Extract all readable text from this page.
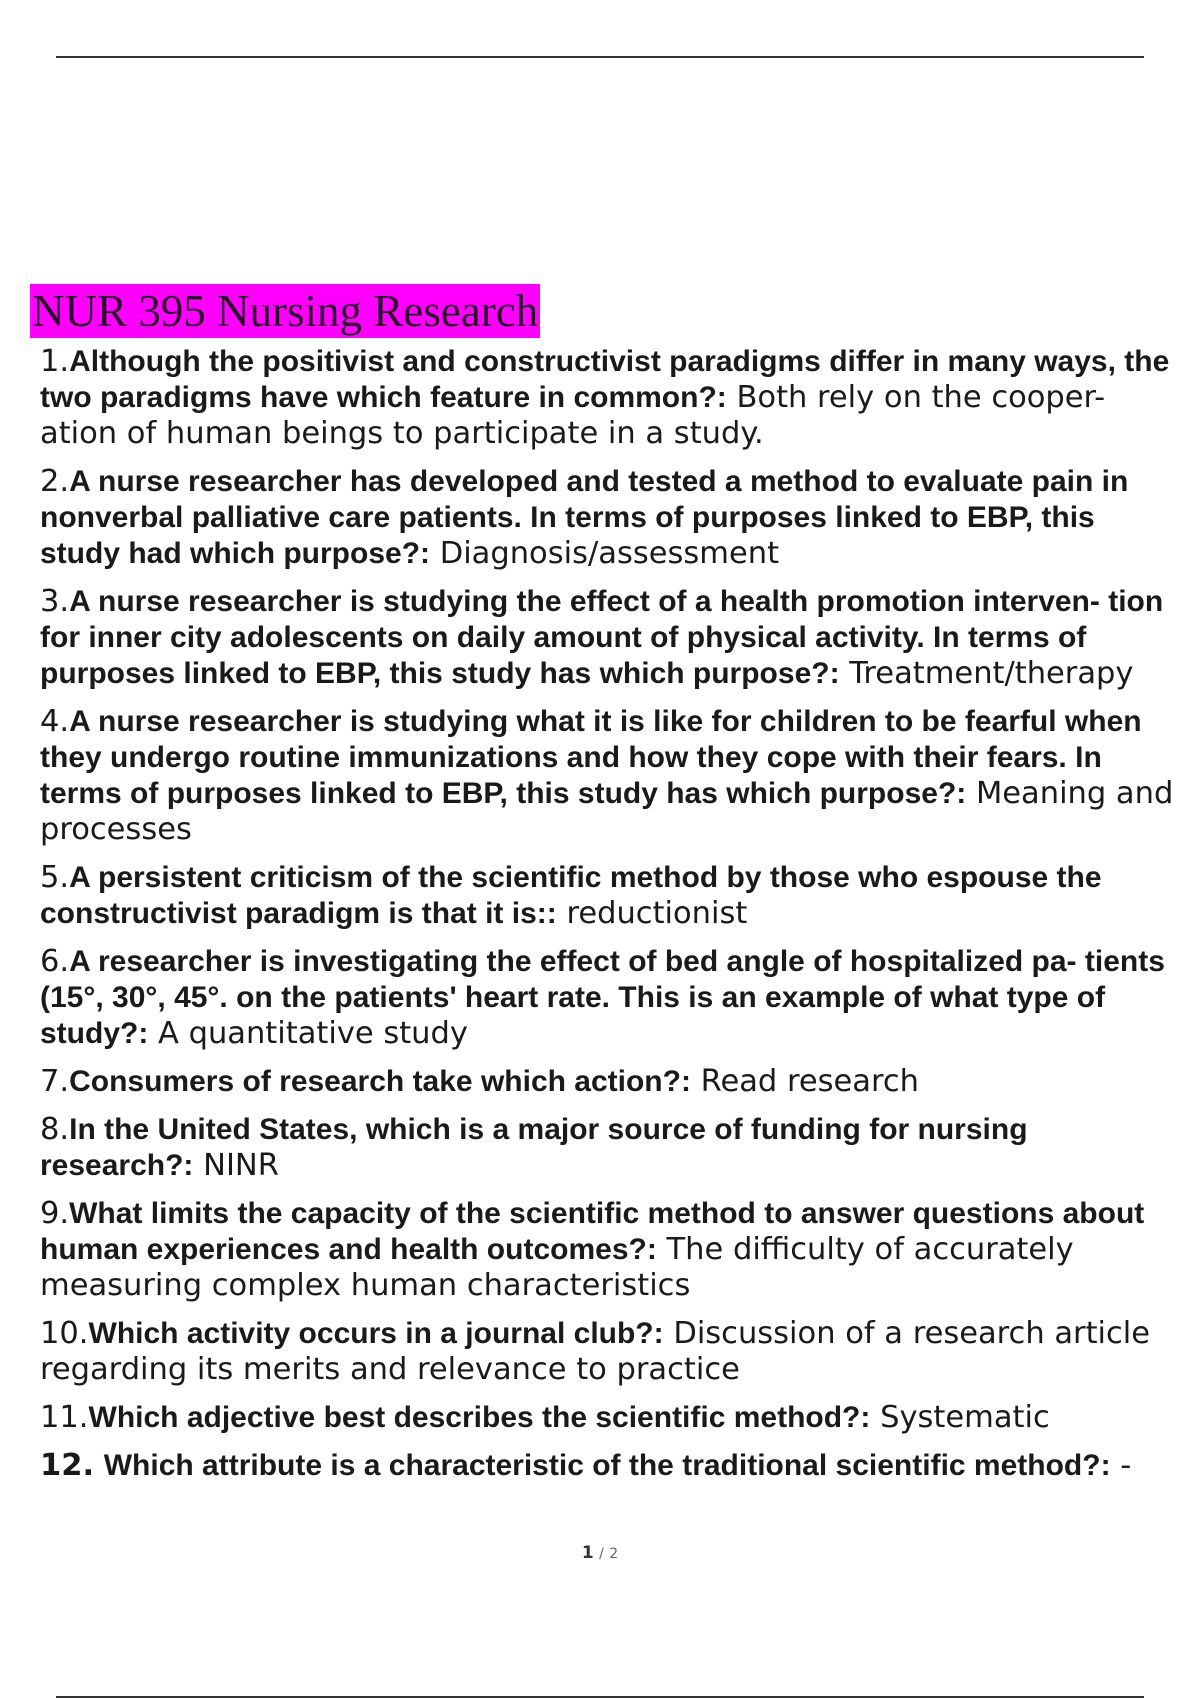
NUR 395 Nursing Research

1.Although the positivist and constructivist paradigms differ in many ways, the two paradigms have which feature in common?: Both rely on the cooper- ation of human beings to participate in a study.

2.A nurse researcher has developed and tested a method to evaluate pain in nonverbal palliative care patients. In terms of purposes linked to EBP, this study had which purpose?: Diagnosis/assessment

3.A nurse researcher is studying the effect of a health promotion interven- tion for inner city adolescents on daily amount of physical activity. In terms of purposes linked to EBP, this study has which purpose?: Treatment/therapy

4.A nurse researcher is studying what it is like for children to be fearful when they undergo routine immunizations and how they cope with their fears. In terms of purposes linked to EBP, this study has which purpose?: Meaning and processes

5.A persistent criticism of the scientific method by those who espouse the constructivist paradigm is that it is:: reductionist

6.A researcher is investigating the effect of bed angle of hospitalized pa- tients (15°, 30°, 45°. on the patients' heart rate. This is an example of what type of study?: A quantitative study

7.Consumers of research take which action?: Read research

8.In the United States, which is a major source of funding for nursing research?: NINR

9.What limits the capacity of the scientific method to answer questions about human experiences and health outcomes?: The difficulty of accurately measuring complex human characteristics

10.Which activity occurs in a journal club?: Discussion of a research article regarding its merits and relevance to practice

11.Which adjective best describes the scientific method?: Systematic

12. Which attribute is a characteristic of the traditional scientific method?: -

1 / 2
